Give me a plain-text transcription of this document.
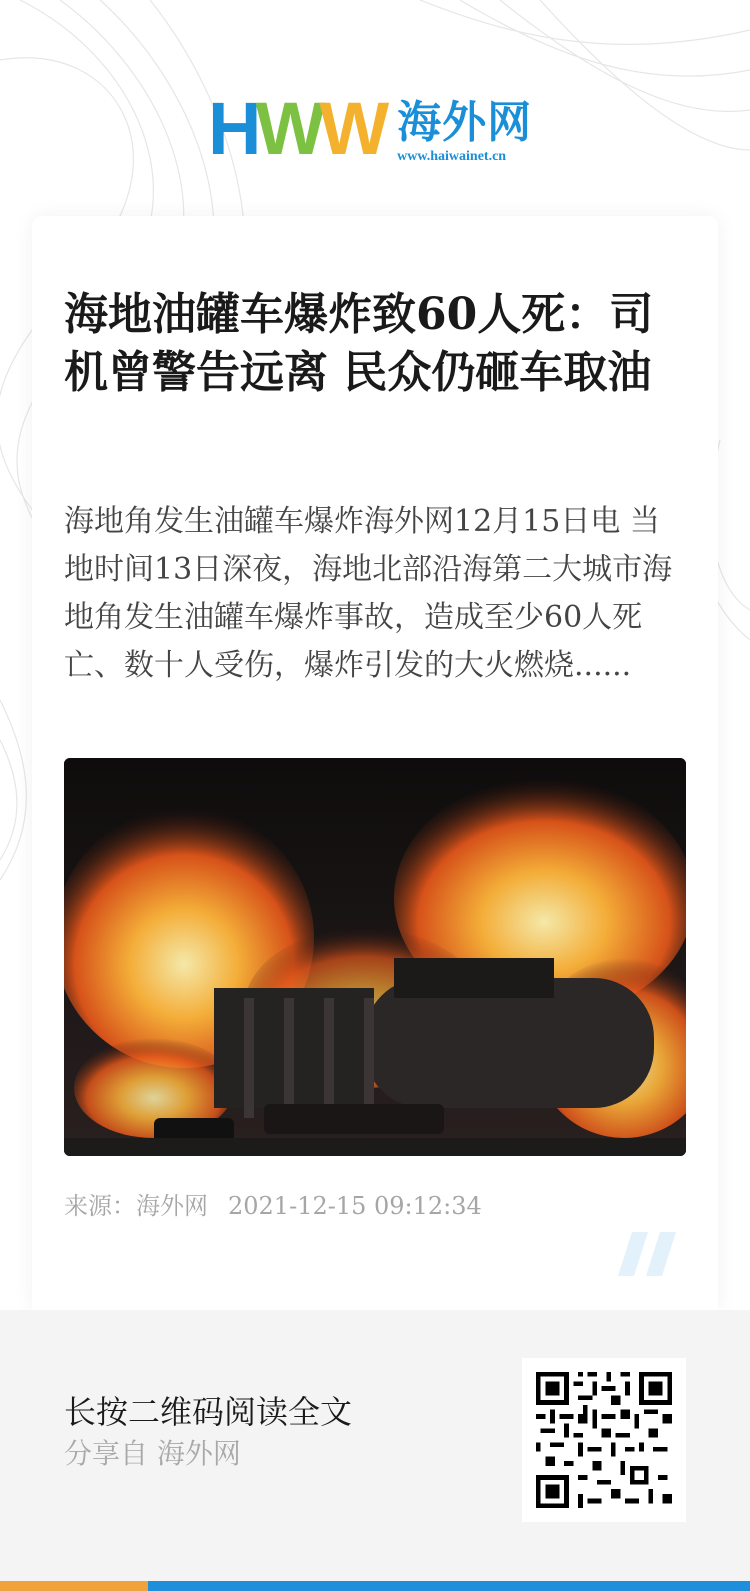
H W W 海外网
www.haiwainet.cn
海地油罐车爆炸致60人死：司机曾警告远离 民众仍砸车取油

海地角发生油罐车爆炸海外网12月15日电 当地时间13日深夜，海地北部沿海第二大城市海地角发生油罐车爆炸事故，造成至少60人死亡、数十人受伤，爆炸引发的大火燃烧......

来源：海外网 2021-12-15 09:12:34
长按二维码阅读全文
分享自 海外网
